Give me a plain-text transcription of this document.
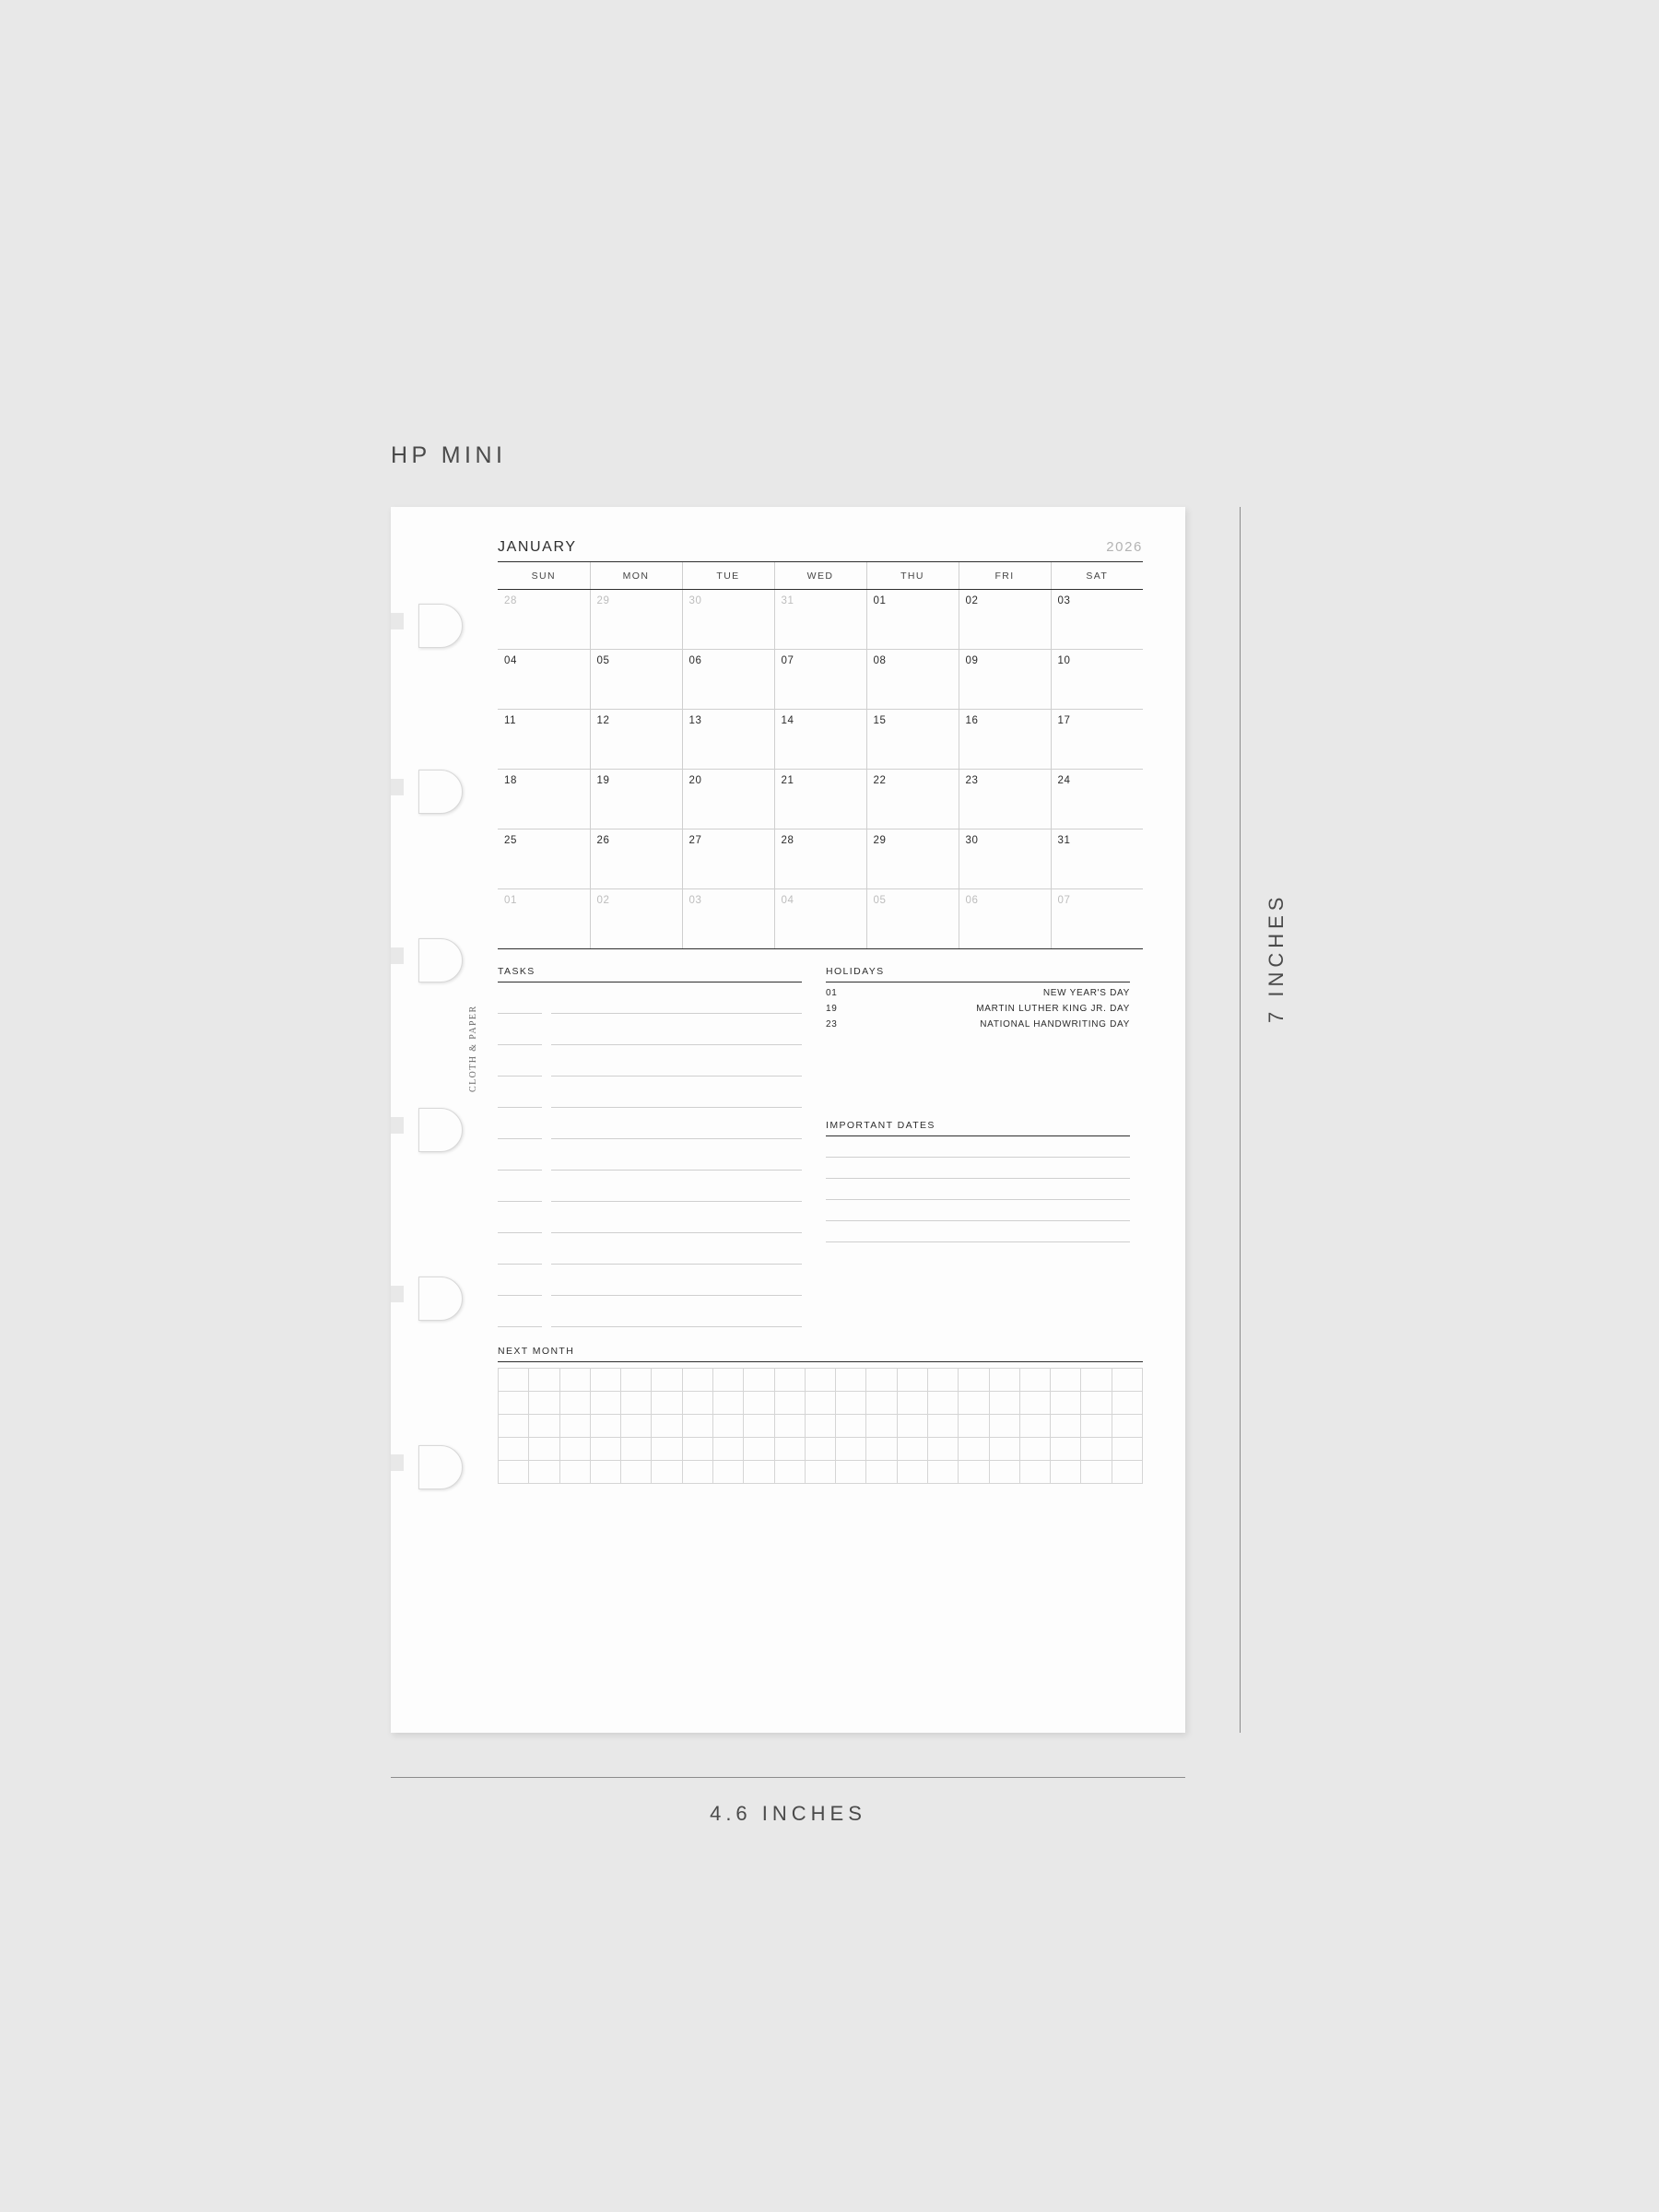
HP MINI
CLOTH & PAPER
JANUARY	2026
SUN	MON	TUE	WED	THU	FRI	SAT
28	29	30	31	01	02	03
04	05	06	07	08	09	10
11	12	13	14	15	16	17
18	19	20	21	22	23	24
25	26	27	28	29	30	31
01	02	03	04	05	06	07
TASKS	HOLIDAYS
01	NEW YEAR'S DAY
19	MARTIN LUTHER KING JR. DAY
23	NATIONAL HANDWRITING DAY
IMPORTANT DATES
NEXT MONTH

7 INCHES
4.6 INCHES
